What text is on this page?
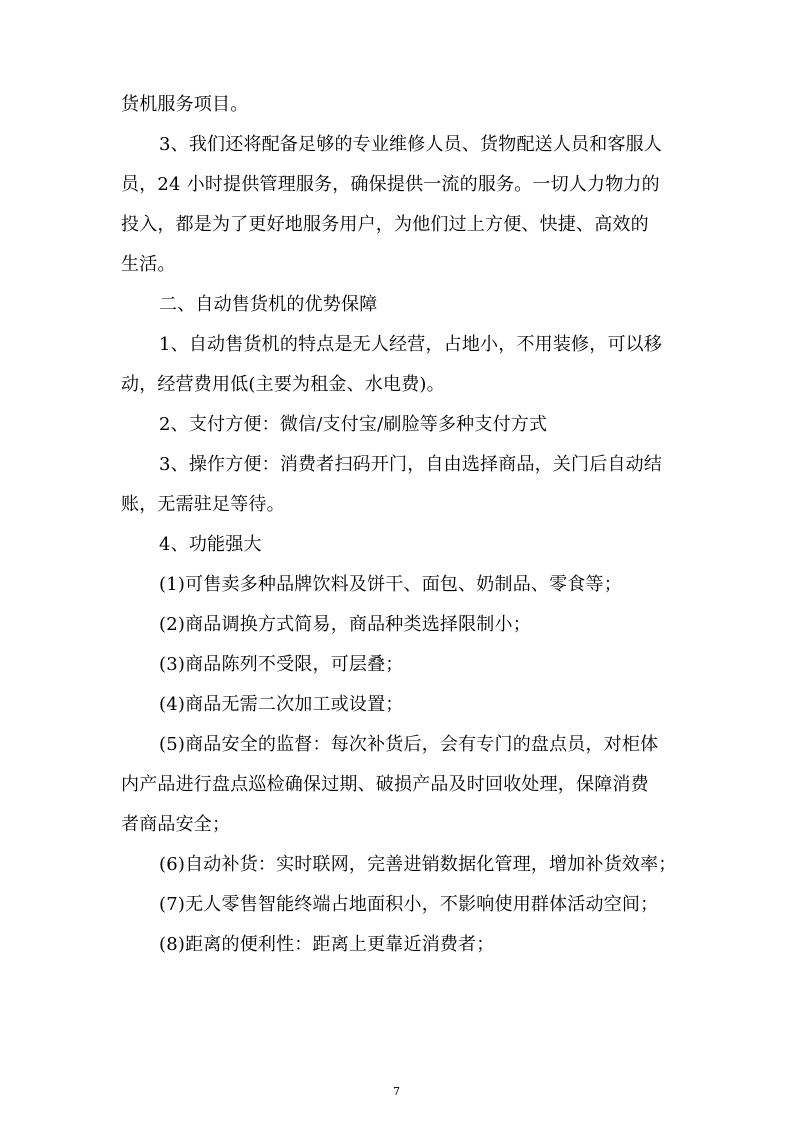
货机服务项目。
3、我们还将配备足够的专业维修人员、货物配送人员和客服人
员，24 小时提供管理服务，确保提供一流的服务。一切人力物力的
投入，都是为了更好地服务用户，为他们过上方便、快捷、高效的
生活。
二、自动售货机的优势保障
1、自动售货机的特点是无人经营，占地小，不用装修，可以移
动，经营费用低(主要为租金、水电费)。
2、支付方便：微信/支付宝/刷脸等多种支付方式
3、操作方便：消费者扫码开门，自由选择商品，关门后自动结
账，无需驻足等待。
4、功能强大
(1)可售卖多种品牌饮料及饼干、面包、奶制品、零食等；
(2)商品调换方式简易，商品种类选择限制小；
(3)商品陈列不受限，可层叠；
(4)商品无需二次加工或设置；
(5)商品安全的监督：每次补货后，会有专门的盘点员，对柜体
内产品进行盘点巡检确保过期、破损产品及时回收处理，保障消费
者商品安全；
(6)自动补货：实时联网，完善进销数据化管理，增加补货效率；
(7)无人零售智能终端占地面积小，不影响使用群体活动空间；
(8)距离的便利性：距离上更靠近消费者；
7
